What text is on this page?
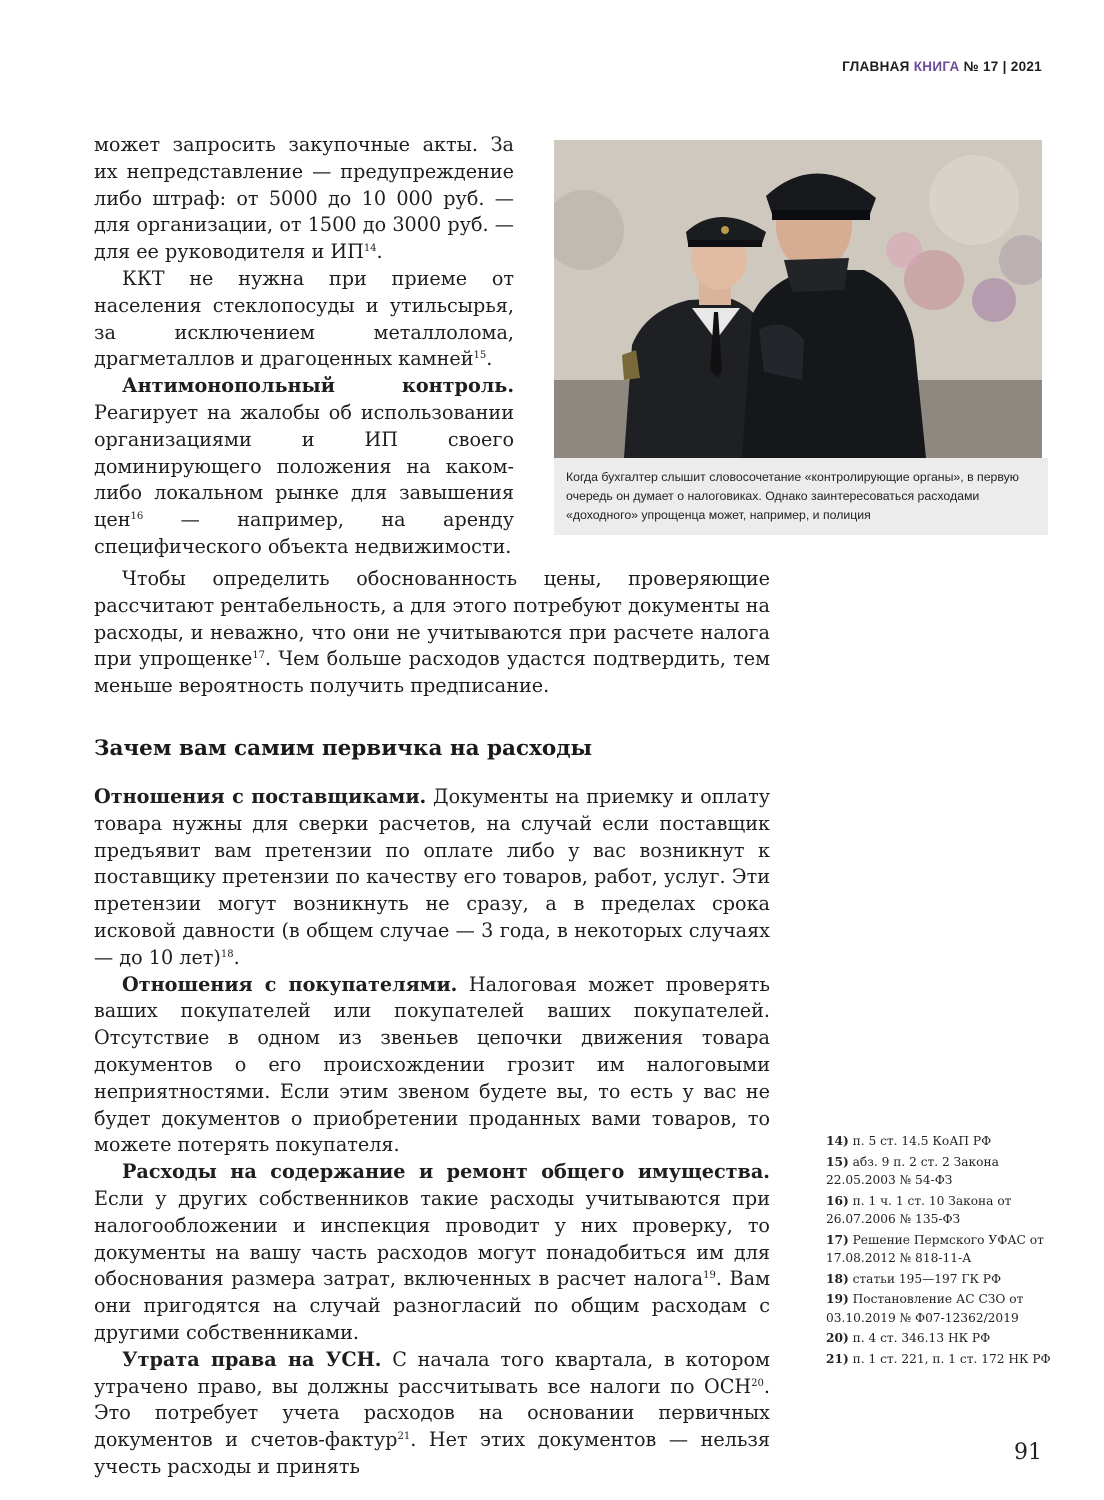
ГЛАВНАЯ КНИГА № 17 | 2021

может запросить закупочные акты. За их непредставление — предупреждение либо штраф: от 5000 до 10 000 руб. — для организации, от 1500 до 3000 руб. — для ее руководителя и ИП$^{14}$.

ККТ не нужна при приеме от населения стеклопосуды и утильсырья, за исключением металлолома, драгметаллов и драгоценных камней$^{15}$.

Антимонопольный контроль. Реагирует на жалобы об использовании организациями и ИП своего доминирующего положения на каком-либо локальном рынке для завышения цен$^{16}$ — например, на аренду специфического объекта недвижимости.

Чтобы определить обоснованность цены, проверяющие рассчитают рентабельность, а для этого потребуют документы на расходы, и неважно, что они не учитываются при расчете налога при упрощенке$^{17}$. Чем больше расходов удастся подтвердить, тем меньше вероятность получить предписание.

Когда бухгалтер слышит словосочетание «контролирующие органы», в первую очередь он думает о налоговиках. Однако заинтересоваться расходами «доходного» упрощенца может, например, и полиция
Зачем вам самим первичка на расходы

Отношения с поставщиками. Документы на приемку и оплату товара нужны для сверки расчетов, на случай если поставщик предъявит вам претензии по оплате либо у вас возникнут к поставщику претензии по качеству его товаров, работ, услуг. Эти претензии могут возникнуть не сразу, а в пределах срока исковой давности (в общем случае — 3 года, в некоторых случаях — до 10 лет)$^{18}$.

Отношения с покупателями. Налоговая может проверять ваших покупателей или покупателей ваших покупателей. Отсутствие в одном из звеньев цепочки движения товара документов о его происхождении грозит им налоговыми неприятностями. Если этим звеном будете вы, то есть у вас не будет документов о приобретении проданных вами товаров, то можете потерять покупателя.

Расходы на содержание и ремонт общего имущества. Если у других собственников такие расходы учитываются при налогообложении и инспекция проводит у них проверку, то документы на вашу часть расходов могут понадобиться им для обоснования размера затрат, включенных в расчет налога$^{19}$. Вам они пригодятся на случай разногласий по общим расходам с другими собственниками.

Утрата права на УСН. С начала того квартала, в котором утрачено право, вы должны рассчитывать все налоги по ОСН$^{20}$. Это потребует учета расходов на основании первичных документов и счетов-фактур$^{21}$. Нет этих документов — нельзя учесть расходы и принять

14) п. 5 ст. 14.5 КоАП РФ
15) абз. 9 п. 2 ст. 2 Закона 22.05.2003 № 54-ФЗ
16) п. 1 ч. 1 ст. 10 Закона от 26.07.2006 № 135-ФЗ
17) Решение Пермского УФАС от 17.08.2012 № 818-11-А
18) статьи 195—197 ГК РФ
19) Постановление АС СЗО от 03.10.2019 № Ф07-12362/2019
20) п. 4 ст. 346.13 НК РФ
21) п. 1 ст. 221, п. 1 ст. 172 НК РФ
91
